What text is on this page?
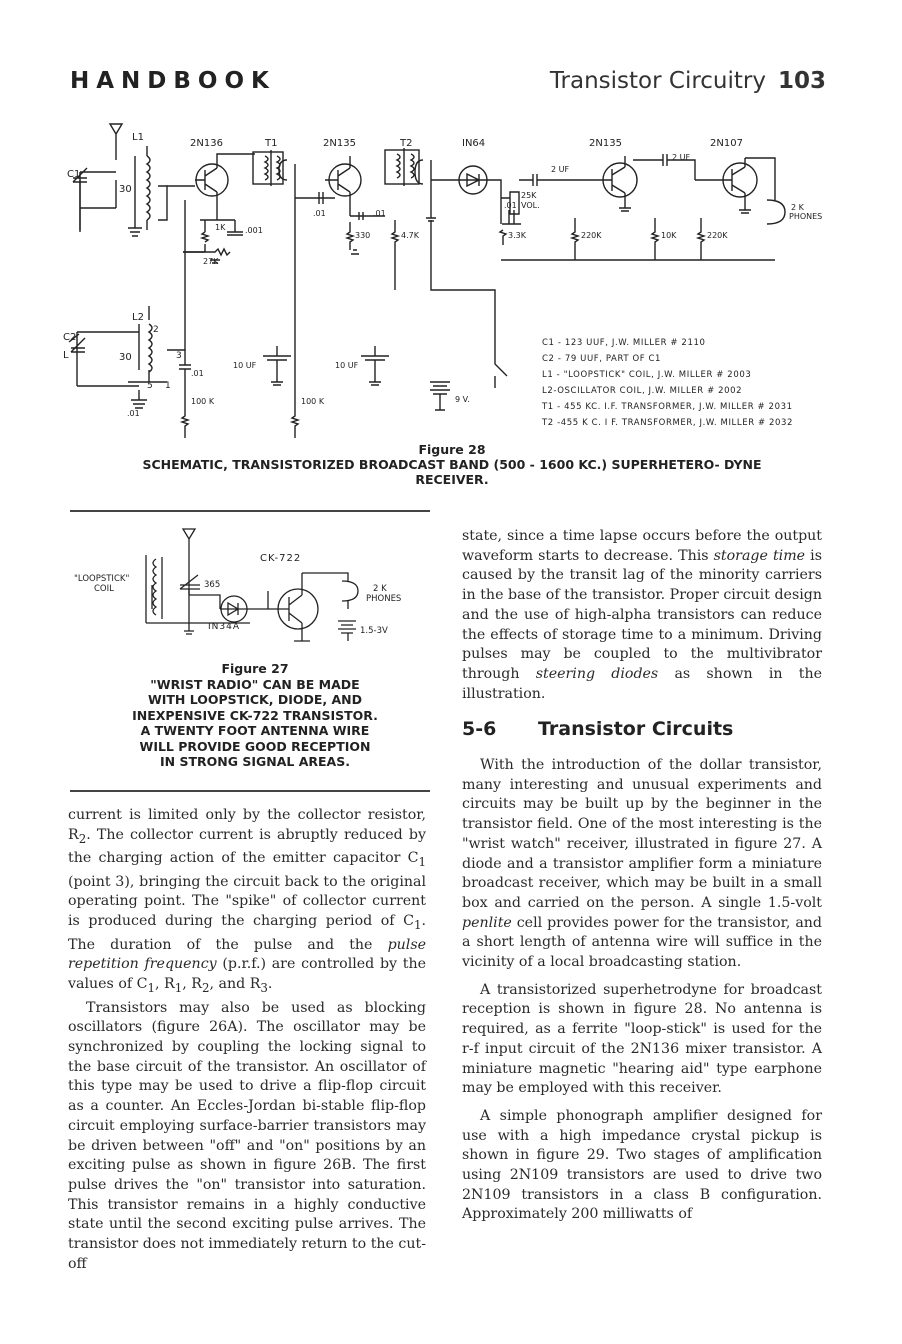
HANDBOOK	Transistor Circuitry 103
L1
2N136	T1	2N135	T2	IN64	2N135	2N107
C1
30
1K .001
27K
.01	.01
330	4.7K
.01
25K
VOL.
3.3K
2 UF
2 UF
220K	10K	220K
2 K
PHONES
L2
C2
L	30
2
3
5 1
.01
.01
100 K	100 K
10 UF	10 UF
9 V.
C1 - 123 UUF, J.W. MILLER # 2110
C2 - 79 UUF, PART OF C1
L1 - "LOOPSTICK" COIL, J.W. MILLER # 2003
L2-OSCILLATOR COIL, J.W. MILLER # 2002
T1 - 455 KC. I.F. TRANSFORMER, J.W. MILLER # 2031
T2 -455 K C. I F. TRANSFORMER, J.W. MILLER # 2032
Figure 28
SCHEMATIC, TRANSISTORIZED BROADCAST BAND (500 - 1600 KC.) SUPERHETERO- DYNE RECEIVER.
"LOOPSTICK"
COIL	365
CK-722
IN34A
2 K
PHONES
1.5-3V
Figure 27
"WRIST RADIO" CAN BE MADE
WITH LOOPSTICK, DIODE, AND
INEXPENSIVE CK-722 TRANSISTOR.
A TWENTY FOOT ANTENNA WIRE
WILL PROVIDE GOOD RECEPTION
IN STRONG SIGNAL AREAS.

current is limited only by the collector resistor, $R_2$. The collector current is abruptly reduced by the charging action of the emitter capacitor $C_1$ (point 3), bringing the circuit back to the original operating point. The "spike" of collector current is produced during the charging period of $C_1$. The duration of the pulse and the pulse repetition frequency (p.r.f.) are controlled by the values of $C_1$, $R_1$, $R_2$, and $R_3$.

Transistors may also be used as blocking oscillators (figure 26A). The oscillator may be synchronized by coupling the locking signal to the base circuit of the transistor. An oscillator of this type may be used to drive a flip-flop circuit as a counter. An Eccles-Jordan bi-stable flip-flop circuit employing surface-barrier transistors may be driven between "off" and "on" positions by an exciting pulse as shown in figure 26B. The first pulse drives the "on" transistor into saturation. This transistor remains in a highly conductive state until the second exciting pulse arrives. The transistor does not immediately return to the cut-off

state, since a time lapse occurs before the output waveform starts to decrease. This storage time is caused by the transit lag of the minority carriers in the base of the transistor. Proper circuit design and the use of high-alpha transistors can reduce the effects of storage time to a minimum. Driving pulses may be coupled to the multivibrator through steering diodes as shown in the illustration.

5-6 Transistor Circuits

With the introduction of the dollar transistor, many interesting and unusual experiments and circuits may be built up by the beginner in the transistor field. One of the most interesting is the "wrist watch" receiver, illustrated in figure 27. A diode and a transistor amplifier form a miniature broadcast receiver, which may be built in a small box and carried on the person. A single 1.5-volt penlite cell provides power for the transistor, and a short length of antenna wire will suffice in the vicinity of a local broadcasting station.

A transistorized superhetrodyne for broadcast reception is shown in figure 28. No antenna is required, as a ferrite "loop-stick" is used for the r-f input circuit of the 2N136 mixer transistor. A miniature magnetic "hearing aid" type earphone may be employed with this receiver.

A simple phonograph amplifier designed for use with a high impedance crystal pickup is shown in figure 29. Two stages of amplification using 2N109 transistors are used to drive two 2N109 transistors in a class B configuration. Approximately 200 milliwatts of
